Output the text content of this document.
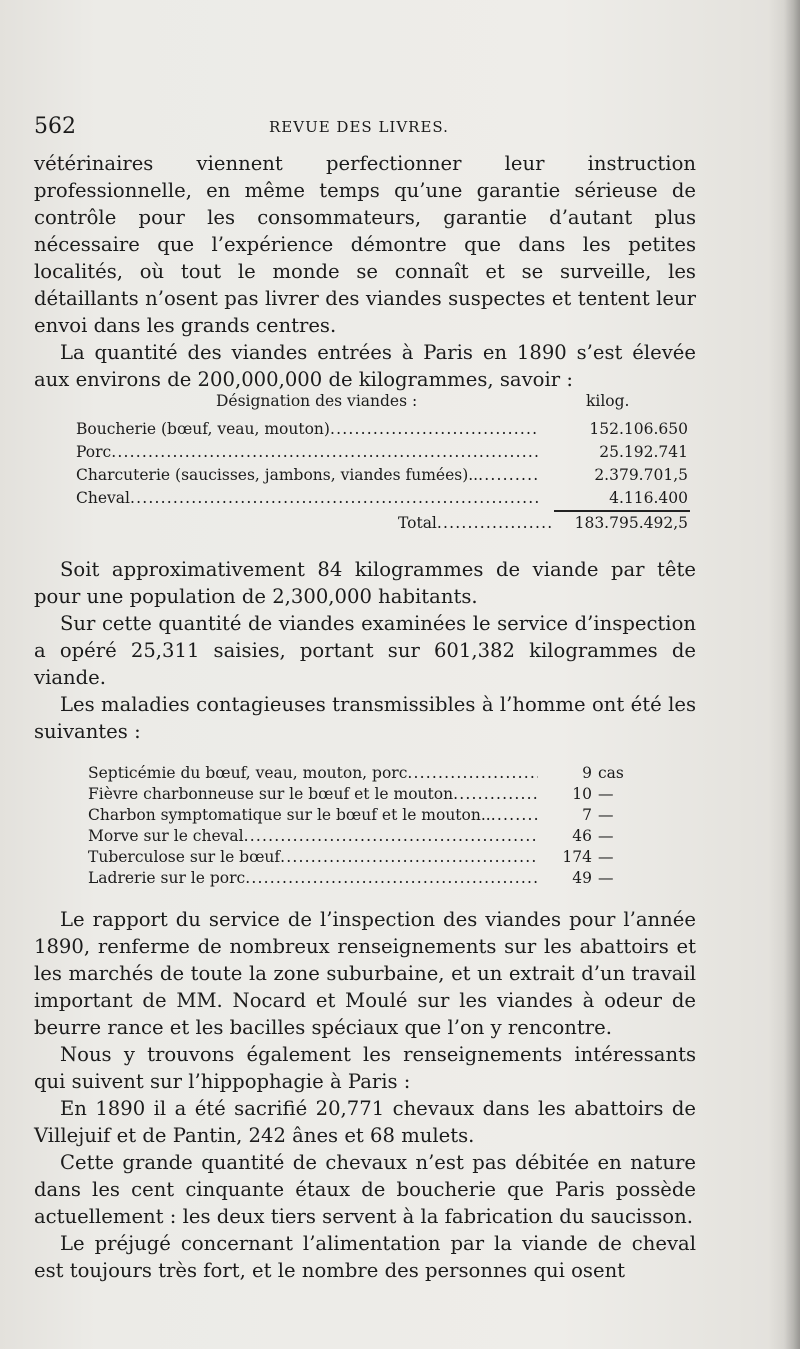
562	REVUE DES LIVRES.

vétérinaires viennent perfectionner leur instruction professionnelle, en même temps qu’une garantie sérieuse de contrôle pour les consommateurs, garantie d’autant plus nécessaire que l’expérience démontre que dans les petites localités, où tout le monde se connaît et se surveille, les détaillants n’osent pas livrer des viandes suspectes et tentent leur envoi dans les grands centres.

La quantité des viandes entrées à Paris en 1890 s’est élevée aux environs de 200,000,000 de kilogrammes, savoir :

Désignation des viandes :	kilog.
Boucherie (bœuf, veau, mouton) .....	152.106.650
Porc .....	25.192.741
Charcuterie (saucisses, jambons, viandes fumées).. .....	2.379.701,5
Cheval .....	4.116.400
Total .....	183.795.492,5

Soit approximativement 84 kilogrammes de viande par tête pour une population de 2,300,000 habitants.

Sur cette quantité de viandes examinées le service d’inspection a opéré 25,311 saisies, portant sur 601,382 kilogrammes de viande.

Les maladies contagieuses transmissibles à l’homme ont été les suivantes :

Septicémie du bœuf, veau, mouton, porc .....	9 cas
Fièvre charbonneuse sur le bœuf et le mouton .....	10 —
Charbon symptomatique sur le bœuf et le mouton.. .....	7 —
Morve sur le cheval .....	46 —
Tuberculose sur le bœuf .....	174 —
Ladrerie sur le porc .....	49 —

Le rapport du service de l’inspection des viandes pour l’année 1890, renferme de nombreux renseignements sur les abattoirs et les marchés de toute la zone suburbaine, et un extrait d’un travail important de MM. Nocard et Moulé sur les viandes à odeur de beurre rance et les bacilles spéciaux que l’on y rencontre.

Nous y trouvons également les renseignements intéressants qui suivent sur l’hippophagie à Paris :

En 1890 il a été sacrifié 20,771 chevaux dans les abattoirs de Villejuif et de Pantin, 242 ânes et 68 mulets.

Cette grande quantité de chevaux n’est pas débitée en nature dans les cent cinquante étaux de boucherie que Paris possède actuellement : les deux tiers servent à la fabrication du saucisson.

Le préjugé concernant l’alimentation par la viande de cheval est toujours très fort, et le nombre des personnes qui osent
